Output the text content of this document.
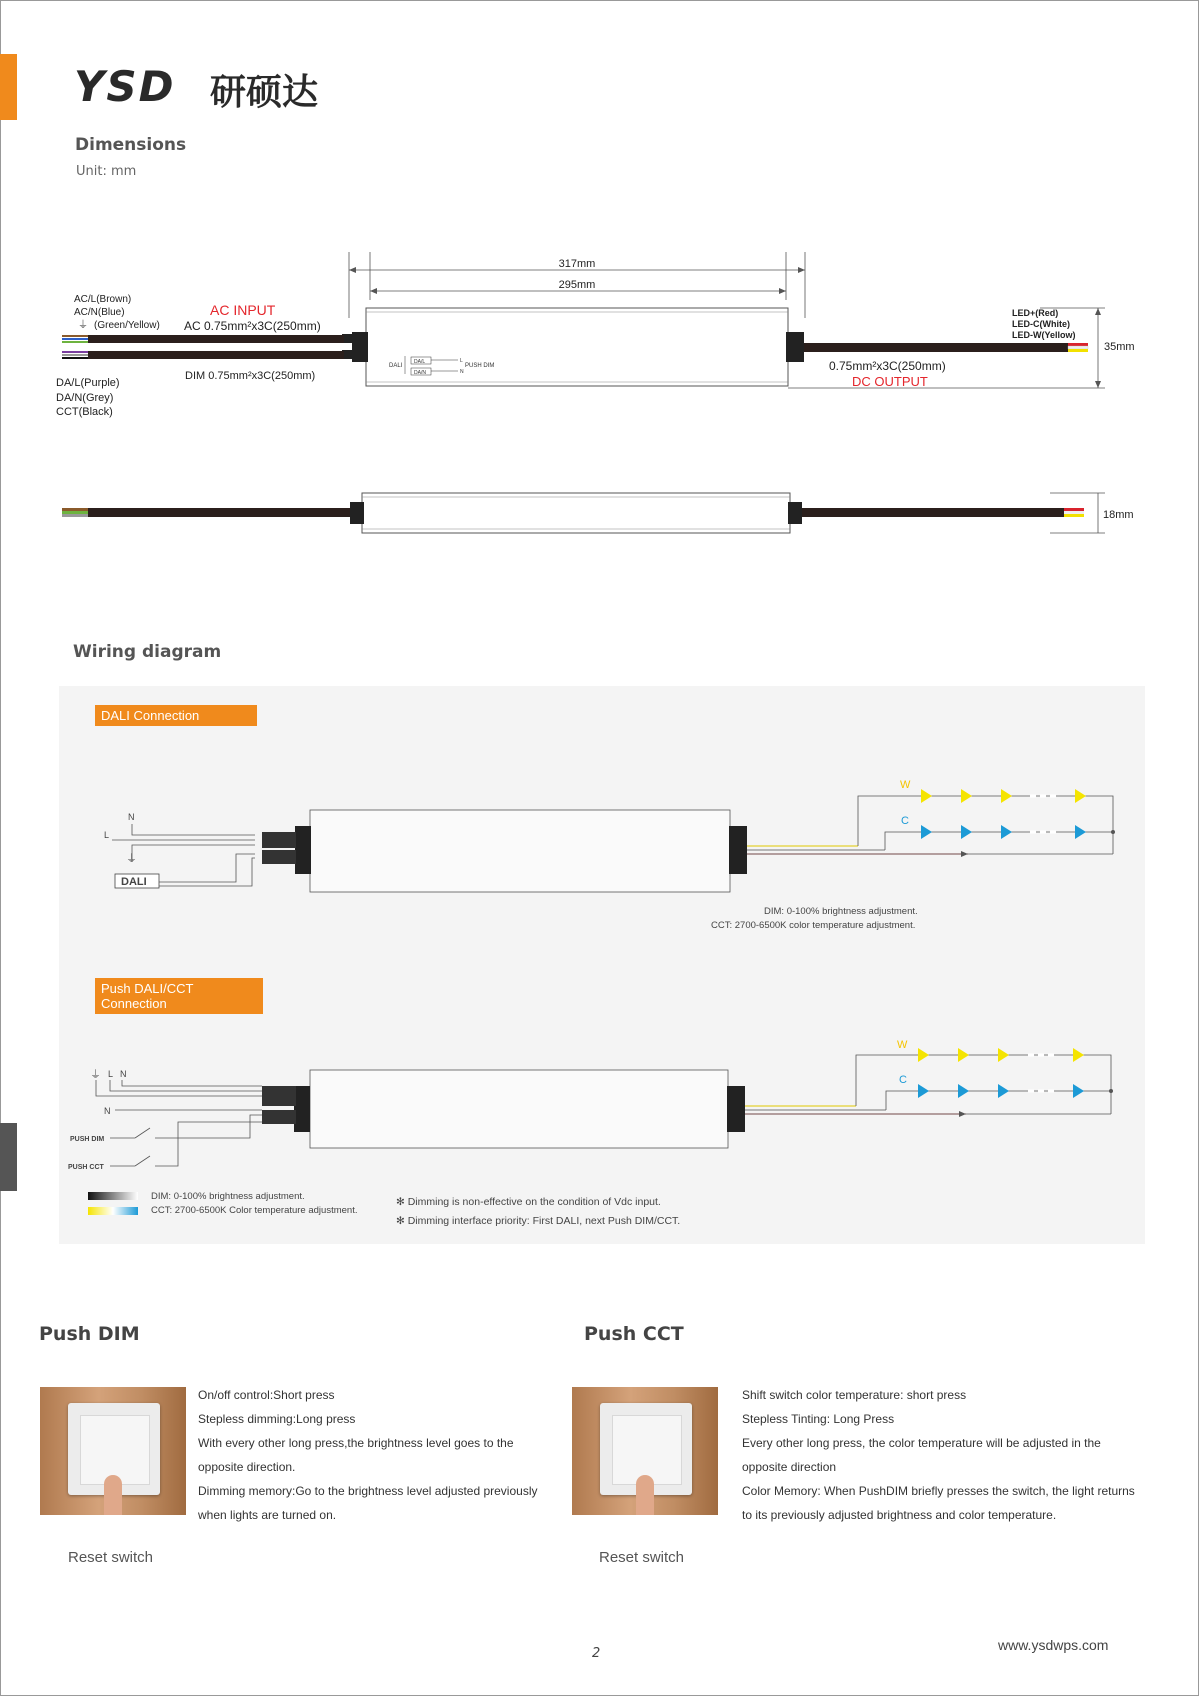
YSD 研硕达
Dimensions
Unit: mm
317mm
295mm
35mm
AC/L(Brown)
AC/N(Blue)
⏚ (Green/Yellow)
AC INPUT
AC 0.75mm²x3C(250mm)
DIM 0.75mm²x3C(250mm)
DA/L(Purple)
DA/N(Grey)
CCT(Black)
DALI
DA/L
DA/N
L
N
PUSH DIM
LED+(Red)
LED-C(White)
LED-W(Yellow)
0.75mm²x3C(250mm)
DC OUTPUT
18mm
Wiring diagram
DALI Connection
Push DALI/CCT Connection
N
L
⏚
DALI
W
C
DIM: 0-100% brightness adjustment.
CCT: 2700-6500K color temperature adjustment.
⏚ L N
N
PUSH DIM
PUSH CCT
W
C
DIM: 0-100% brightness adjustment.
CCT: 2700-6500K Color temperature adjustment.
✻ Dimming is non-effective on the condition of Vdc input.
✻ Dimming interface priority: First DALI, next Push DIM/CCT.
Push DIM
On/off control:Short press
Stepless dimming:Long press
With every other long press,the brightness level goes to the
opposite direction.
Dimming memory:Go to the brightness level adjusted previously
when lights are turned on.
Reset switch
Push CCT
Shift switch color temperature: short press
Stepless Tinting: Long Press
Every other long press, the color temperature will be adjusted in the
opposite direction
Color Memory: When PushDIM briefly presses the switch, the light returns
to its previously adjusted brightness and color temperature.
Reset switch
2
www.ysdwps.com
